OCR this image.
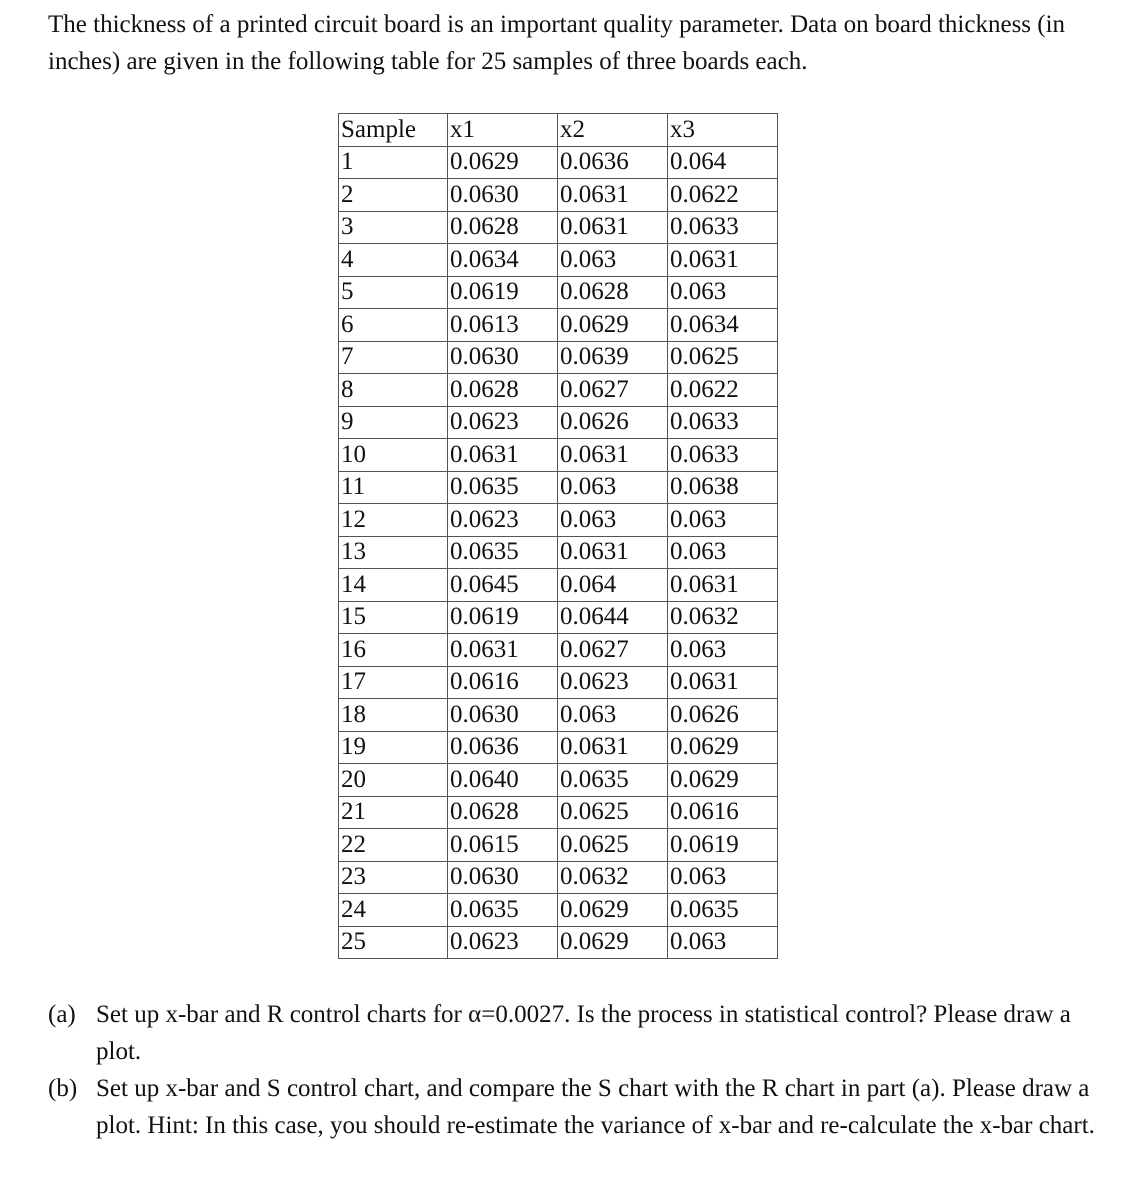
The thickness of a printed circuit board is an important quality parameter. Data on board thickness (in inches) are given in the following table for 25 samples of three boards each.

Sample	x1	x2	x3
1	0.0629	0.0636	0.064
2	0.0630	0.0631	0.0622
3	0.0628	0.0631	0.0633
4	0.0634	0.063	0.0631
5	0.0619	0.0628	0.063
6	0.0613	0.0629	0.0634
7	0.0630	0.0639	0.0625
8	0.0628	0.0627	0.0622
9	0.0623	0.0626	0.0633
10	0.0631	0.0631	0.0633
11	0.0635	0.063	0.0638
12	0.0623	0.063	0.063
13	0.0635	0.0631	0.063
14	0.0645	0.064	0.0631
15	0.0619	0.0644	0.0632
16	0.0631	0.0627	0.063
17	0.0616	0.0623	0.0631
18	0.0630	0.063	0.0626
19	0.0636	0.0631	0.0629
20	0.0640	0.0635	0.0629
21	0.0628	0.0625	0.0616
22	0.0615	0.0625	0.0619
23	0.0630	0.0632	0.063
24	0.0635	0.0629	0.0635
25	0.0623	0.0629	0.063
(a) Set up x-bar and R control charts for α=0.0027. Is the process in statistical control? Please draw a plot.
(b) Set up x-bar and S control chart, and compare the S chart with the R chart in part (a). Please draw a plot. Hint: In this case, you should re-estimate the variance of x-bar and re-calculate the x-bar chart.
